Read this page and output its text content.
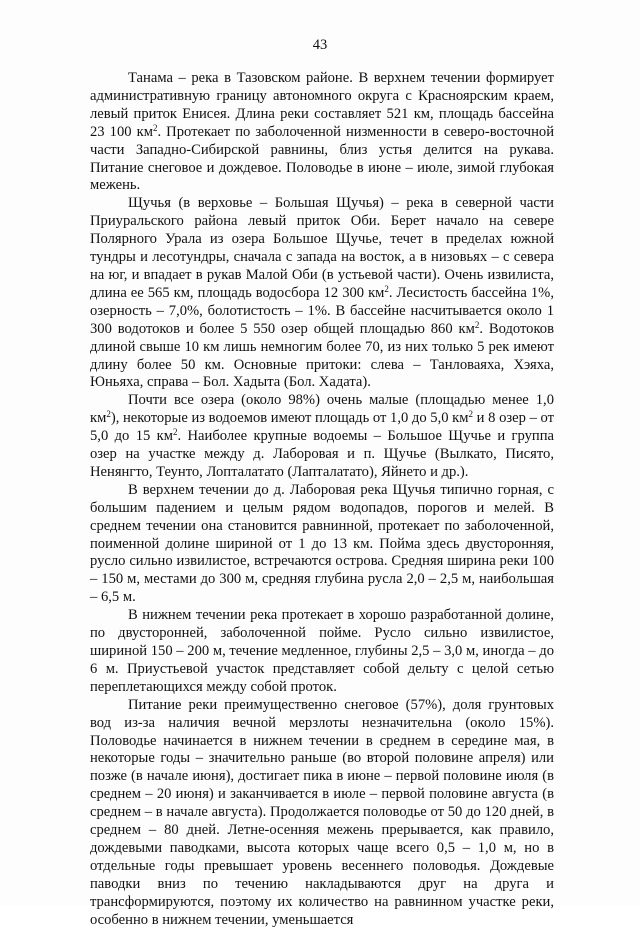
43

Танама – река в Тазовском районе. В верхнем течении формирует административную границу автономного округа с Красноярским краем, левый приток Енисея. Длина реки составляет 521 км, площадь бассейна 23 100 $км^2$. Протекает по заболоченной низменности в северо-восточной части Западно-Сибирской равнины, близ устья делится на рукава. Питание снеговое и дождевое. Половодье в июне – июле, зимой глубокая межень.

Щучья (в верховье – Большая Щучья) – река в северной части Приуральского района левый приток Оби. Берет начало на севере Полярного Урала из озера Большое Щучье, течет в пределах южной тундры и лесотундры, сначала с запада на восток, а в низовьях – с севера на юг, и впадает в рукав Малой Оби (в устьевой части). Очень извилиста, длина ее 565 км, площадь водосбора 12 300 $км^2$. Лесистость бассейна 1%, озерность – 7,0%, болотистость – 1%. В бассейне насчитывается около 1 300 водотоков и более 5 550 озер общей площадью 860 $км^2$. Водотоков длиной свыше 10 км лишь немногим более 70, из них только 5 рек имеют длину более 50 км. Основные притоки: слева – Танловаяха, Хэяха, Юньяха, справа – Бол. Хадыта (Бол. Хадата).

Почти все озера (около 98%) очень малые (площадью менее 1,0 $км^2$), некоторые из водоемов имеют площадь от 1,0 до 5,0 $км^2$ и 8 озер – от 5,0 до 15 $км^2$. Наиболее крупные водоемы – Большое Щучье и группа озер на участке между д. Лаборовая и п. Щучье (Вылкато, Писято, Ненянгто, Теунто, Лопталатато (Лапталатато), Яйнето и др.).

В верхнем течении до д. Лаборовая река Щучья типично горная, с большим падением и целым рядом водопадов, порогов и мелей. В среднем течении она становится равнинной, протекает по заболоченной, поименной долине шириной от 1 до 13 км. Пойма здесь двусторонняя, русло сильно извилистое, встречаются острова. Средняя ширина реки 100 – 150 м, местами до 300 м, средняя глубина русла 2,0 – 2,5 м, наибольшая – 6,5 м.

В нижнем течении река протекает в хорошо разработанной долине, по двусторонней, заболоченной пойме. Русло сильно извилистое, шириной 150 – 200 м, течение медленное, глубины 2,5 – 3,0 м, иногда – до 6 м. Приустьевой участок представляет собой дельту с целой сетью переплетающихся между собой проток.

Питание реки преимущественно снеговое (57%), доля грунтовых вод из-за наличия вечной мерзлоты незначительна (около 15%). Половодье начинается в нижнем течении в среднем в середине мая, в некоторые годы – значительно раньше (во второй половине апреля) или позже (в начале июня), достигает пика в июне – первой половине июля (в среднем – 20 июня) и заканчивается в июле – первой половине августа (в среднем – в начале августа). Продолжается половодье от 50 до 120 дней, в среднем – 80 дней. Летне-осенняя межень прерывается, как правило, дождевыми паводками, высота которых чаще всего 0,5 – 1,0 м, но в отдельные годы превышает уровень весеннего половодья. Дождевые паводки вниз по течению накладываются друг на друга и трансформируются, поэтому их количество на равнинном участке реки, особенно в нижнем течении, уменьшается
